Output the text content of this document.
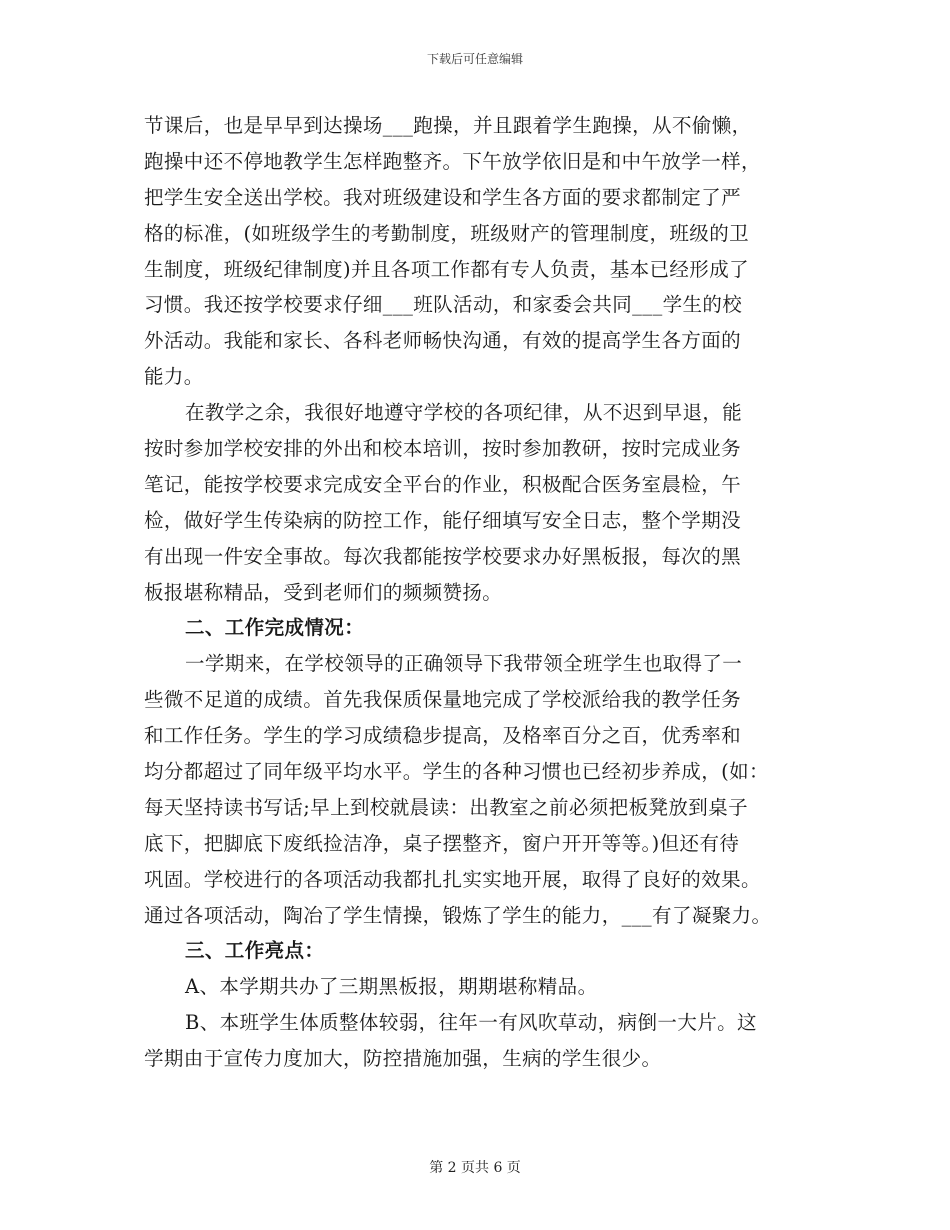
下载后可任意编辑
节课后，也是早早到达操场___跑操，并且跟着学生跑操，从不偷懒，
跑操中还不停地教学生怎样跑整齐。下午放学依旧是和中午放学一样，
把学生安全送出学校。我对班级建设和学生各方面的要求都制定了严
格的标准，(如班级学生的考勤制度，班级财产的管理制度，班级的卫
生制度，班级纪律制度)并且各项工作都有专人负责，基本已经形成了
习惯。我还按学校要求仔细___班队活动，和家委会共同___学生的校
外活动。我能和家长、各科老师畅快沟通，有效的提高学生各方面的
能力。
在教学之余，我很好地遵守学校的各项纪律，从不迟到早退，能
按时参加学校安排的外出和校本培训，按时参加教研，按时完成业务
笔记，能按学校要求完成安全平台的作业，积极配合医务室晨检，午
检，做好学生传染病的防控工作，能仔细填写安全日志，整个学期没
有出现一件安全事故。每次我都能按学校要求办好黑板报，每次的黑
板报堪称精品，受到老师们的频频赞扬。
二、工作完成情况：
一学期来，在学校领导的正确领导下我带领全班学生也取得了一
些微不足道的成绩。首先我保质保量地完成了学校派给我的教学任务
和工作任务。学生的学习成绩稳步提高，及格率百分之百，优秀率和
均分都超过了同年级平均水平。学生的各种习惯也已经初步养成，(如：
每天坚持读书写话;早上到校就晨读：出教室之前必须把板凳放到桌子
底下，把脚底下废纸捡洁净，桌子摆整齐，窗户开开等等。)但还有待
巩固。学校进行的各项活动我都扎扎实实地开展，取得了良好的效果。
通过各项活动，陶冶了学生情操，锻炼了学生的能力，___有了凝聚力。
三、工作亮点：
A、本学期共办了三期黑板报，期期堪称精品。
B、本班学生体质整体较弱，往年一有风吹草动，病倒一大片。这
学期由于宣传力度加大，防控措施加强，生病的学生很少。
第 2 页共 6 页
